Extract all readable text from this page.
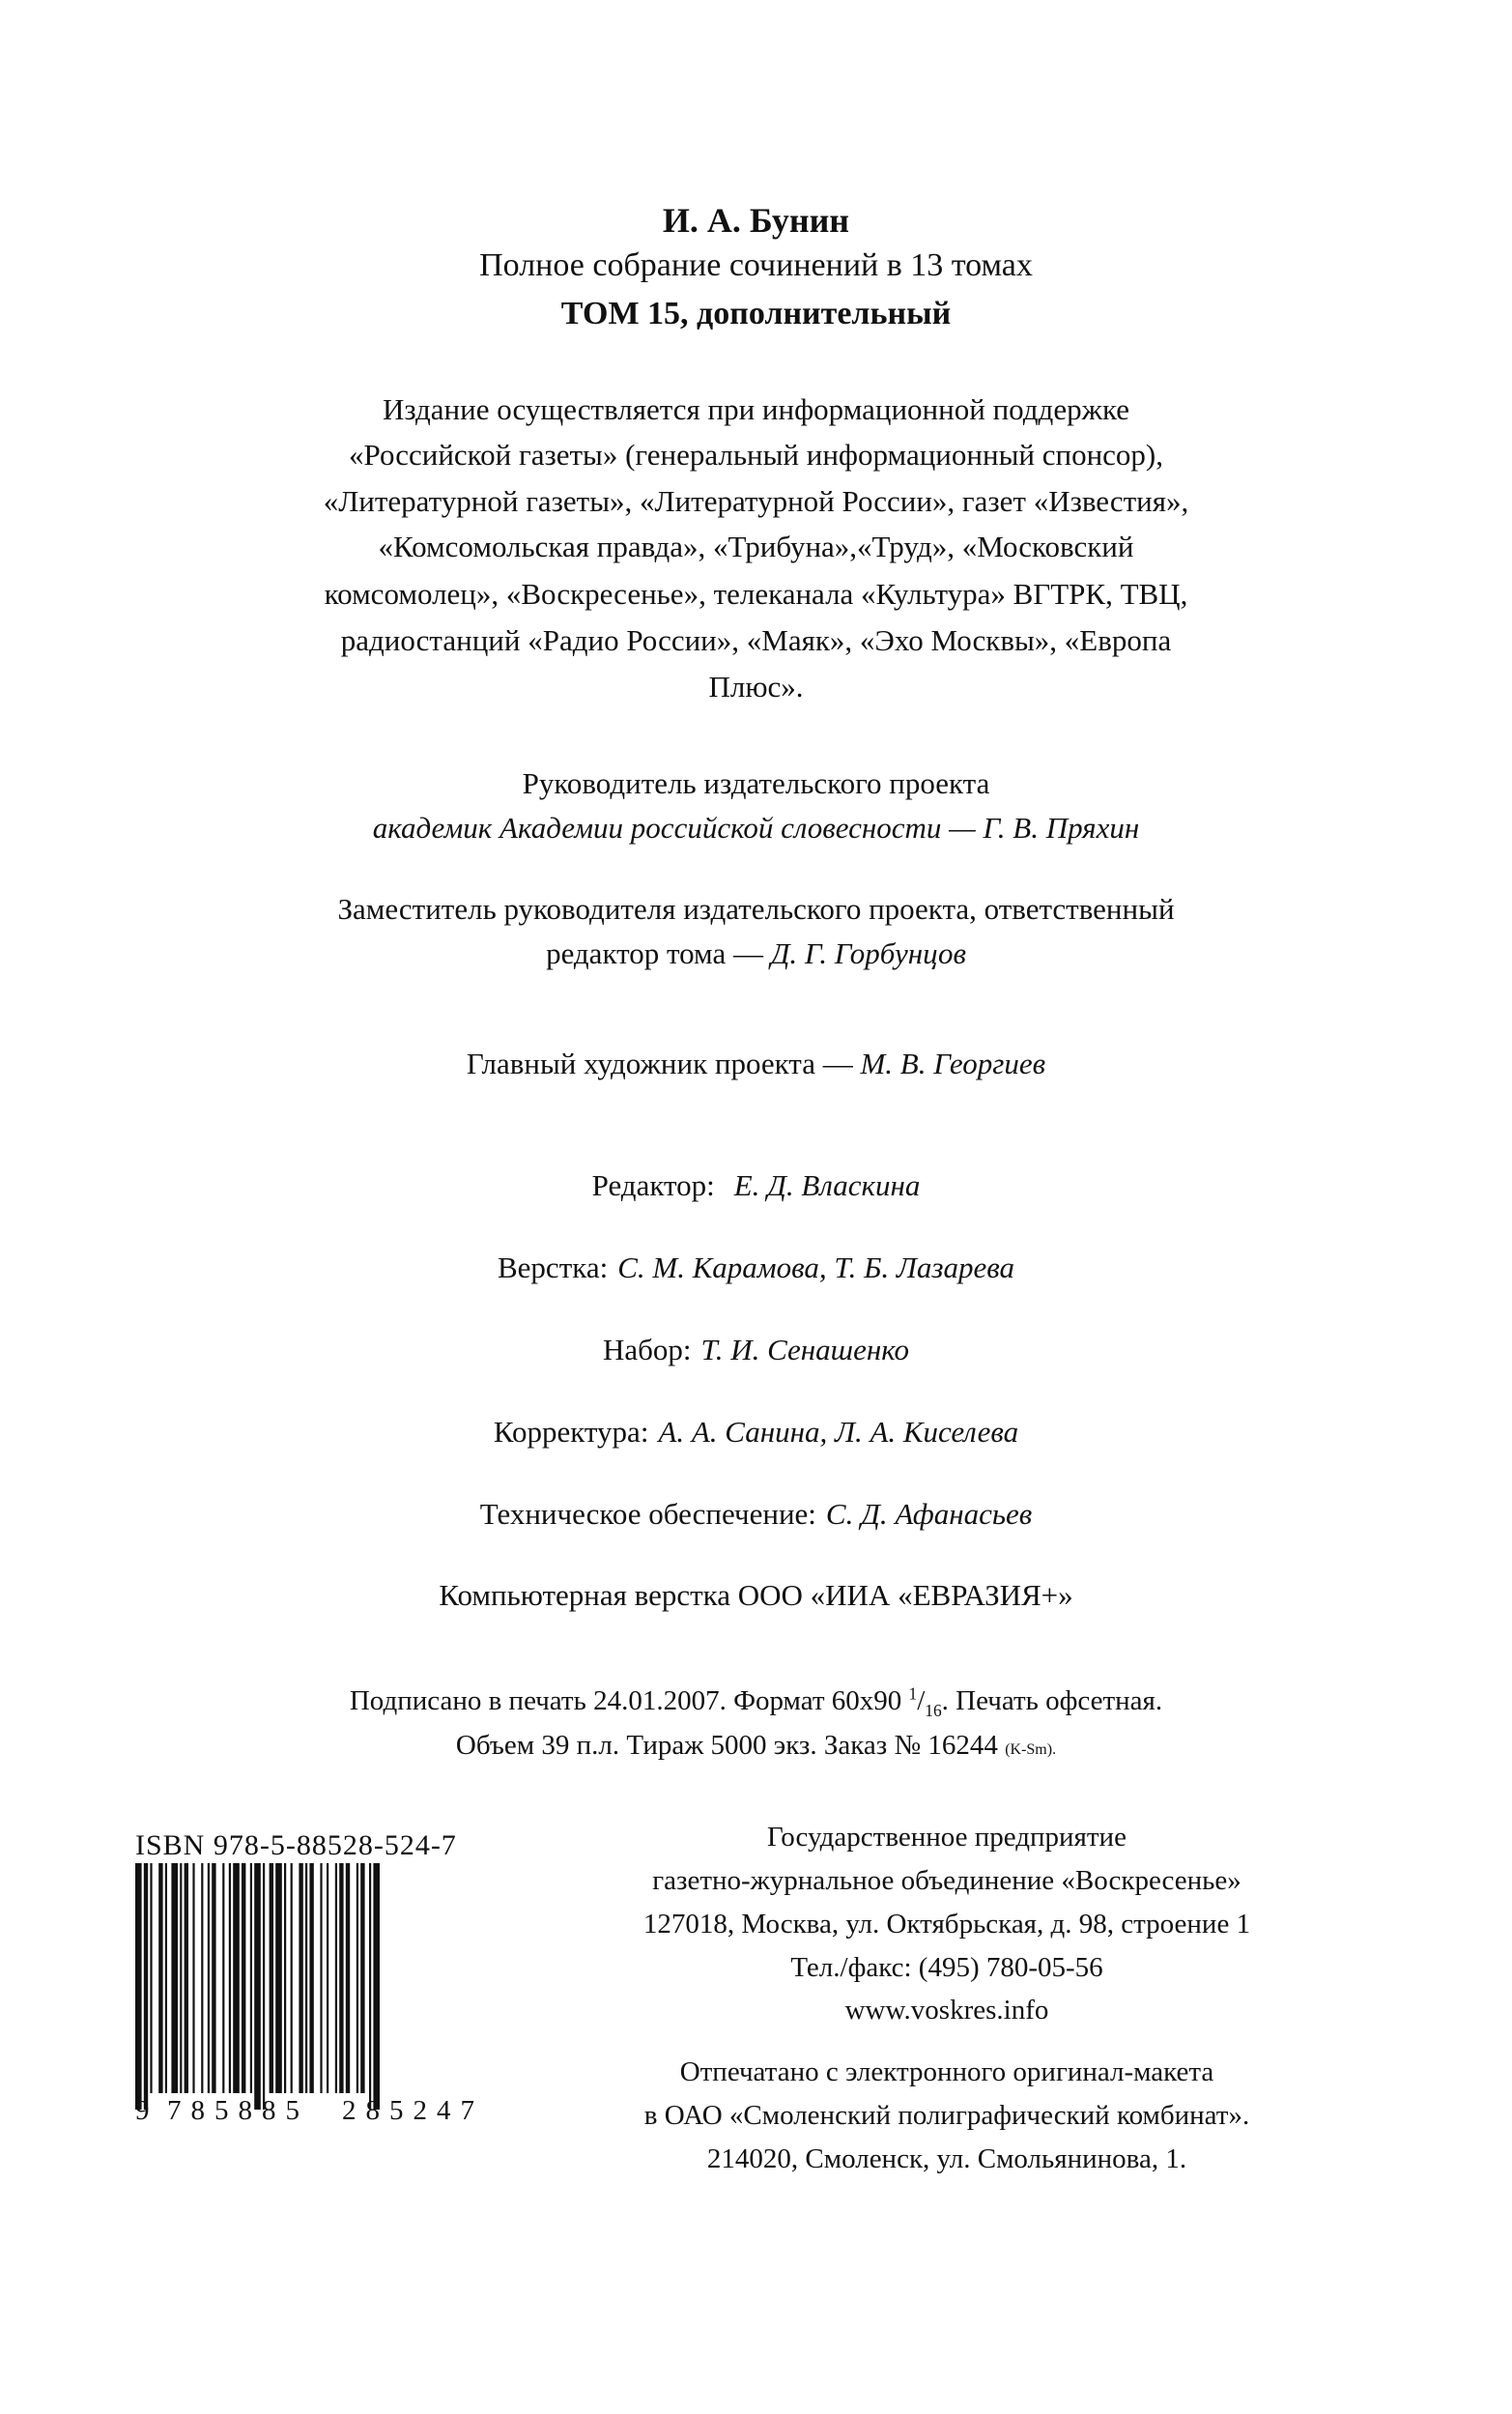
И. А. Бунин
Полное собрание сочинений в 13 томах
ТОМ 15, дополнительный
Издание осуществляется при информационной поддержке
«Российской газеты» (генеральный информационный спонсор),
«Литературной газеты», «Литературной России», газет «Известия»,
«Комсомольская правда», «Трибуна»,«Труд», «Московский
комсомолец», «Воскресенье», телеканала «Культура» ВГТРК, ТВЦ,
радиостанций «Радио России», «Маяк», «Эхо Москвы», «Европа
Плюс».
Руководитель издательского проекта
академик Академии российской словесности — Г. В. Пряхин
Заместитель руководителя издательского проекта, ответственный
редактор тома — Д. Г. Горбунцов
Главный художник проекта — М. В. Георгиев
Редактор: Е. Д. Власкина
Верстка: С. М. Карамова, Т. Б. Лазарева
Набор: Т. И. Сенашенко
Корректура: А. А. Санина, Л. А. Киселева
Техническое обеспечение: С. Д. Афанасьев
Компьютерная верстка ООО «ИИА «ЕВРАЗИЯ+»
Подписано в печать 24.01.2007. Формат 60х90 $^1/_{16}$. Печать офсетная.
Объем 39 п.л. Тираж 5000 экз. Заказ № 16244 (K-Sm).
ISBN 978-5-88528-524-7
9 785885 285247
Государственное предприятие
газетно-журнальное объединение «Воскресенье»
127018, Москва, ул. Октябрьская, д. 98, строение 1
Тел./факс: (495) 780-05-56
www.voskres.info
Отпечатано с электронного оригинал-макета
в ОАО «Смоленский полиграфический комбинат».
214020, Смоленск, ул. Смольянинова, 1.
